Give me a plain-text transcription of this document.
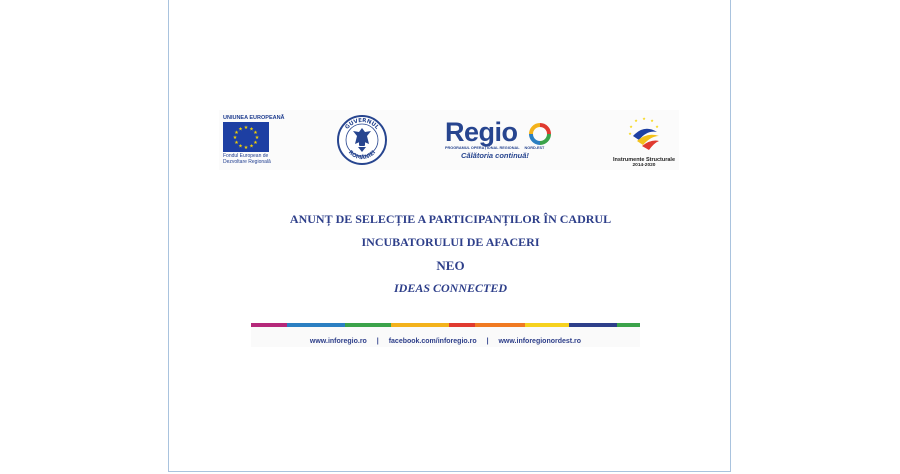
UNIUNEA EUROPEANĂ
★ ★
★
★
★
★
★
★
★
★
★
★
Fondul European de
Dezvoltare Regională
GUVERNUL
ROMÂNIEI
Regio
PROGRAMUL OPERAȚIONAL REGIONAL NORD-EST
Călătoria continuă!
★ ★
★
★
★
★
Instrumente Structurale
2014-2020

ANUNȚ DE SELECȚIE A PARTICIPANȚILOR ÎN CADRUL

INCUBATORULUI DE AFACERI

NEO

IDEAS CONNECTED

www.inforegio.ro | facebook.com/inforegio.ro | www.inforegionordest.ro
